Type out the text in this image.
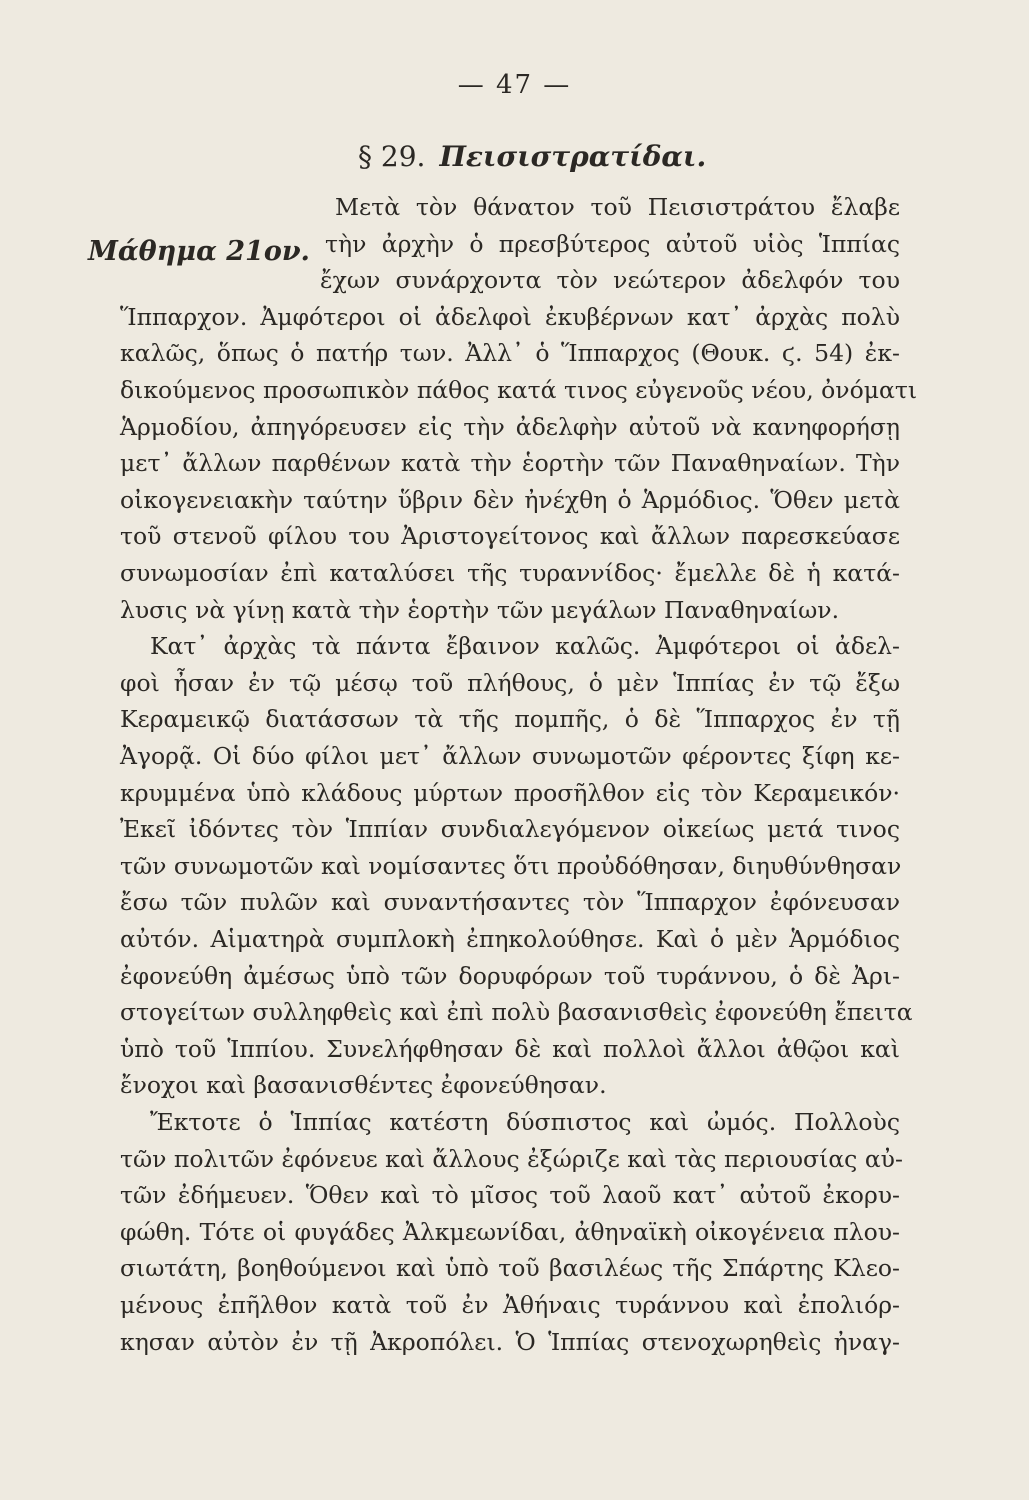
— 47 —
§ 29. Πεισιστρατίδαι.
Μάθημα 21ον.
Μετὰ τὸν θάνατον τοῦ Πεισιστράτου ἔλαβε
τὴν ἀρχὴν ὁ πρεσβύτερος αὐτοῦ υἱὸς Ἱππίας
ἔχων συνάρχοντα τὸν νεώτερον ἀδελφόν του
Ἵππαρχον. Ἀμφότεροι οἱ ἀδελφοὶ ἐκυβέρνων κατ᾽ ἀρχὰς πολὺ
καλῶς, ὅπως ὁ πατήρ των. Ἀλλ᾽ ὁ Ἵππαρχος (Θουκ. ϛ. 54) ἐκ-
δικούμενος προσωπικὸν πάθος κατά τινος εὐγενοῦς νέου, ὀνόματι
Ἁρμοδίου, ἀπηγόρευσεν εἰς τὴν ἀδελφὴν αὐτοῦ νὰ κανηφορήσῃ
μετ᾽ ἄλλων παρθένων κατὰ τὴν ἑορτὴν τῶν Παναθηναίων. Τὴν
οἰκογενειακὴν ταύτην ὕβριν δὲν ἠνέχθη ὁ Ἁρμόδιος. Ὅθεν μετὰ
τοῦ στενοῦ φίλου του Ἀριστογείτονος καὶ ἄλλων παρεσκεύασε
συνωμοσίαν ἐπὶ καταλύσει τῆς τυραννίδος· ἔμελλε δὲ ἡ κατά-
λυσις νὰ γίνῃ κατὰ τὴν ἑορτὴν τῶν μεγάλων Παναθηναίων.
Κατ᾽ ἀρχὰς τὰ πάντα ἔβαινον καλῶς. Ἀμφότεροι οἱ ἀδελ-
φοὶ ἦσαν ἐν τῷ μέσῳ τοῦ πλήθους, ὁ μὲν Ἱππίας ἐν τῷ ἔξω
Κεραμεικῷ διατάσσων τὰ τῆς πομπῆς, ὁ δὲ Ἵππαρχος ἐν τῇ
Ἀγορᾷ. Οἱ δύο φίλοι μετ᾽ ἄλλων συνωμοτῶν φέροντες ξίφη κε-
κρυμμένα ὑπὸ κλάδους μύρτων προσῆλθον εἰς τὸν Κεραμεικόν·
Ἐκεῖ ἰδόντες τὸν Ἱππίαν συνδιαλεγόμενον οἰκείως μετά τινος
τῶν συνωμοτῶν καὶ νομίσαντες ὅτι προὐδόθησαν, διηυθύνθησαν
ἔσω τῶν πυλῶν καὶ συναντήσαντες τὸν Ἵππαρχον ἐφόνευσαν
αὐτόν. Αἱματηρὰ συμπλοκὴ ἐπηκολούθησε. Καὶ ὁ μὲν Ἁρμόδιος
ἐφονεύθη ἀμέσως ὑπὸ τῶν δορυφόρων τοῦ τυράννου, ὁ δὲ Ἀρι-
στογείτων συλληφθεὶς καὶ ἐπὶ πολὺ βασανισθεὶς ἐφονεύθη ἔπειτα
ὑπὸ τοῦ Ἱππίου. Συνελήφθησαν δὲ καὶ πολλοὶ ἄλλοι ἀθῷοι καὶ
ἔνοχοι καὶ βασανισθέντες ἐφονεύθησαν.
Ἔκτοτε ὁ Ἱππίας κατέστη δύσπιστος καὶ ὠμός. Πολλοὺς
τῶν πολιτῶν ἐφόνευε καὶ ἄλλους ἐξώριζε καὶ τὰς περιουσίας αὐ-
τῶν ἐδήμευεν. Ὅθεν καὶ τὸ μῖσος τοῦ λαοῦ κατ᾽ αὐτοῦ ἐκορυ-
φώθη. Τότε οἱ φυγάδες Ἀλκμεωνίδαι, ἀθηναϊκὴ οἰκογένεια πλου-
σιωτάτη, βοηθούμενοι καὶ ὑπὸ τοῦ βασιλέως τῆς Σπάρτης Κλεο-
μένους ἐπῆλθον κατὰ τοῦ ἐν Ἀθήναις τυράννου καὶ ἐπολιόρ-
κησαν αὐτὸν ἐν τῇ Ἀκροπόλει. Ὁ Ἱππίας στενοχωρηθεὶς ἠναγ-
